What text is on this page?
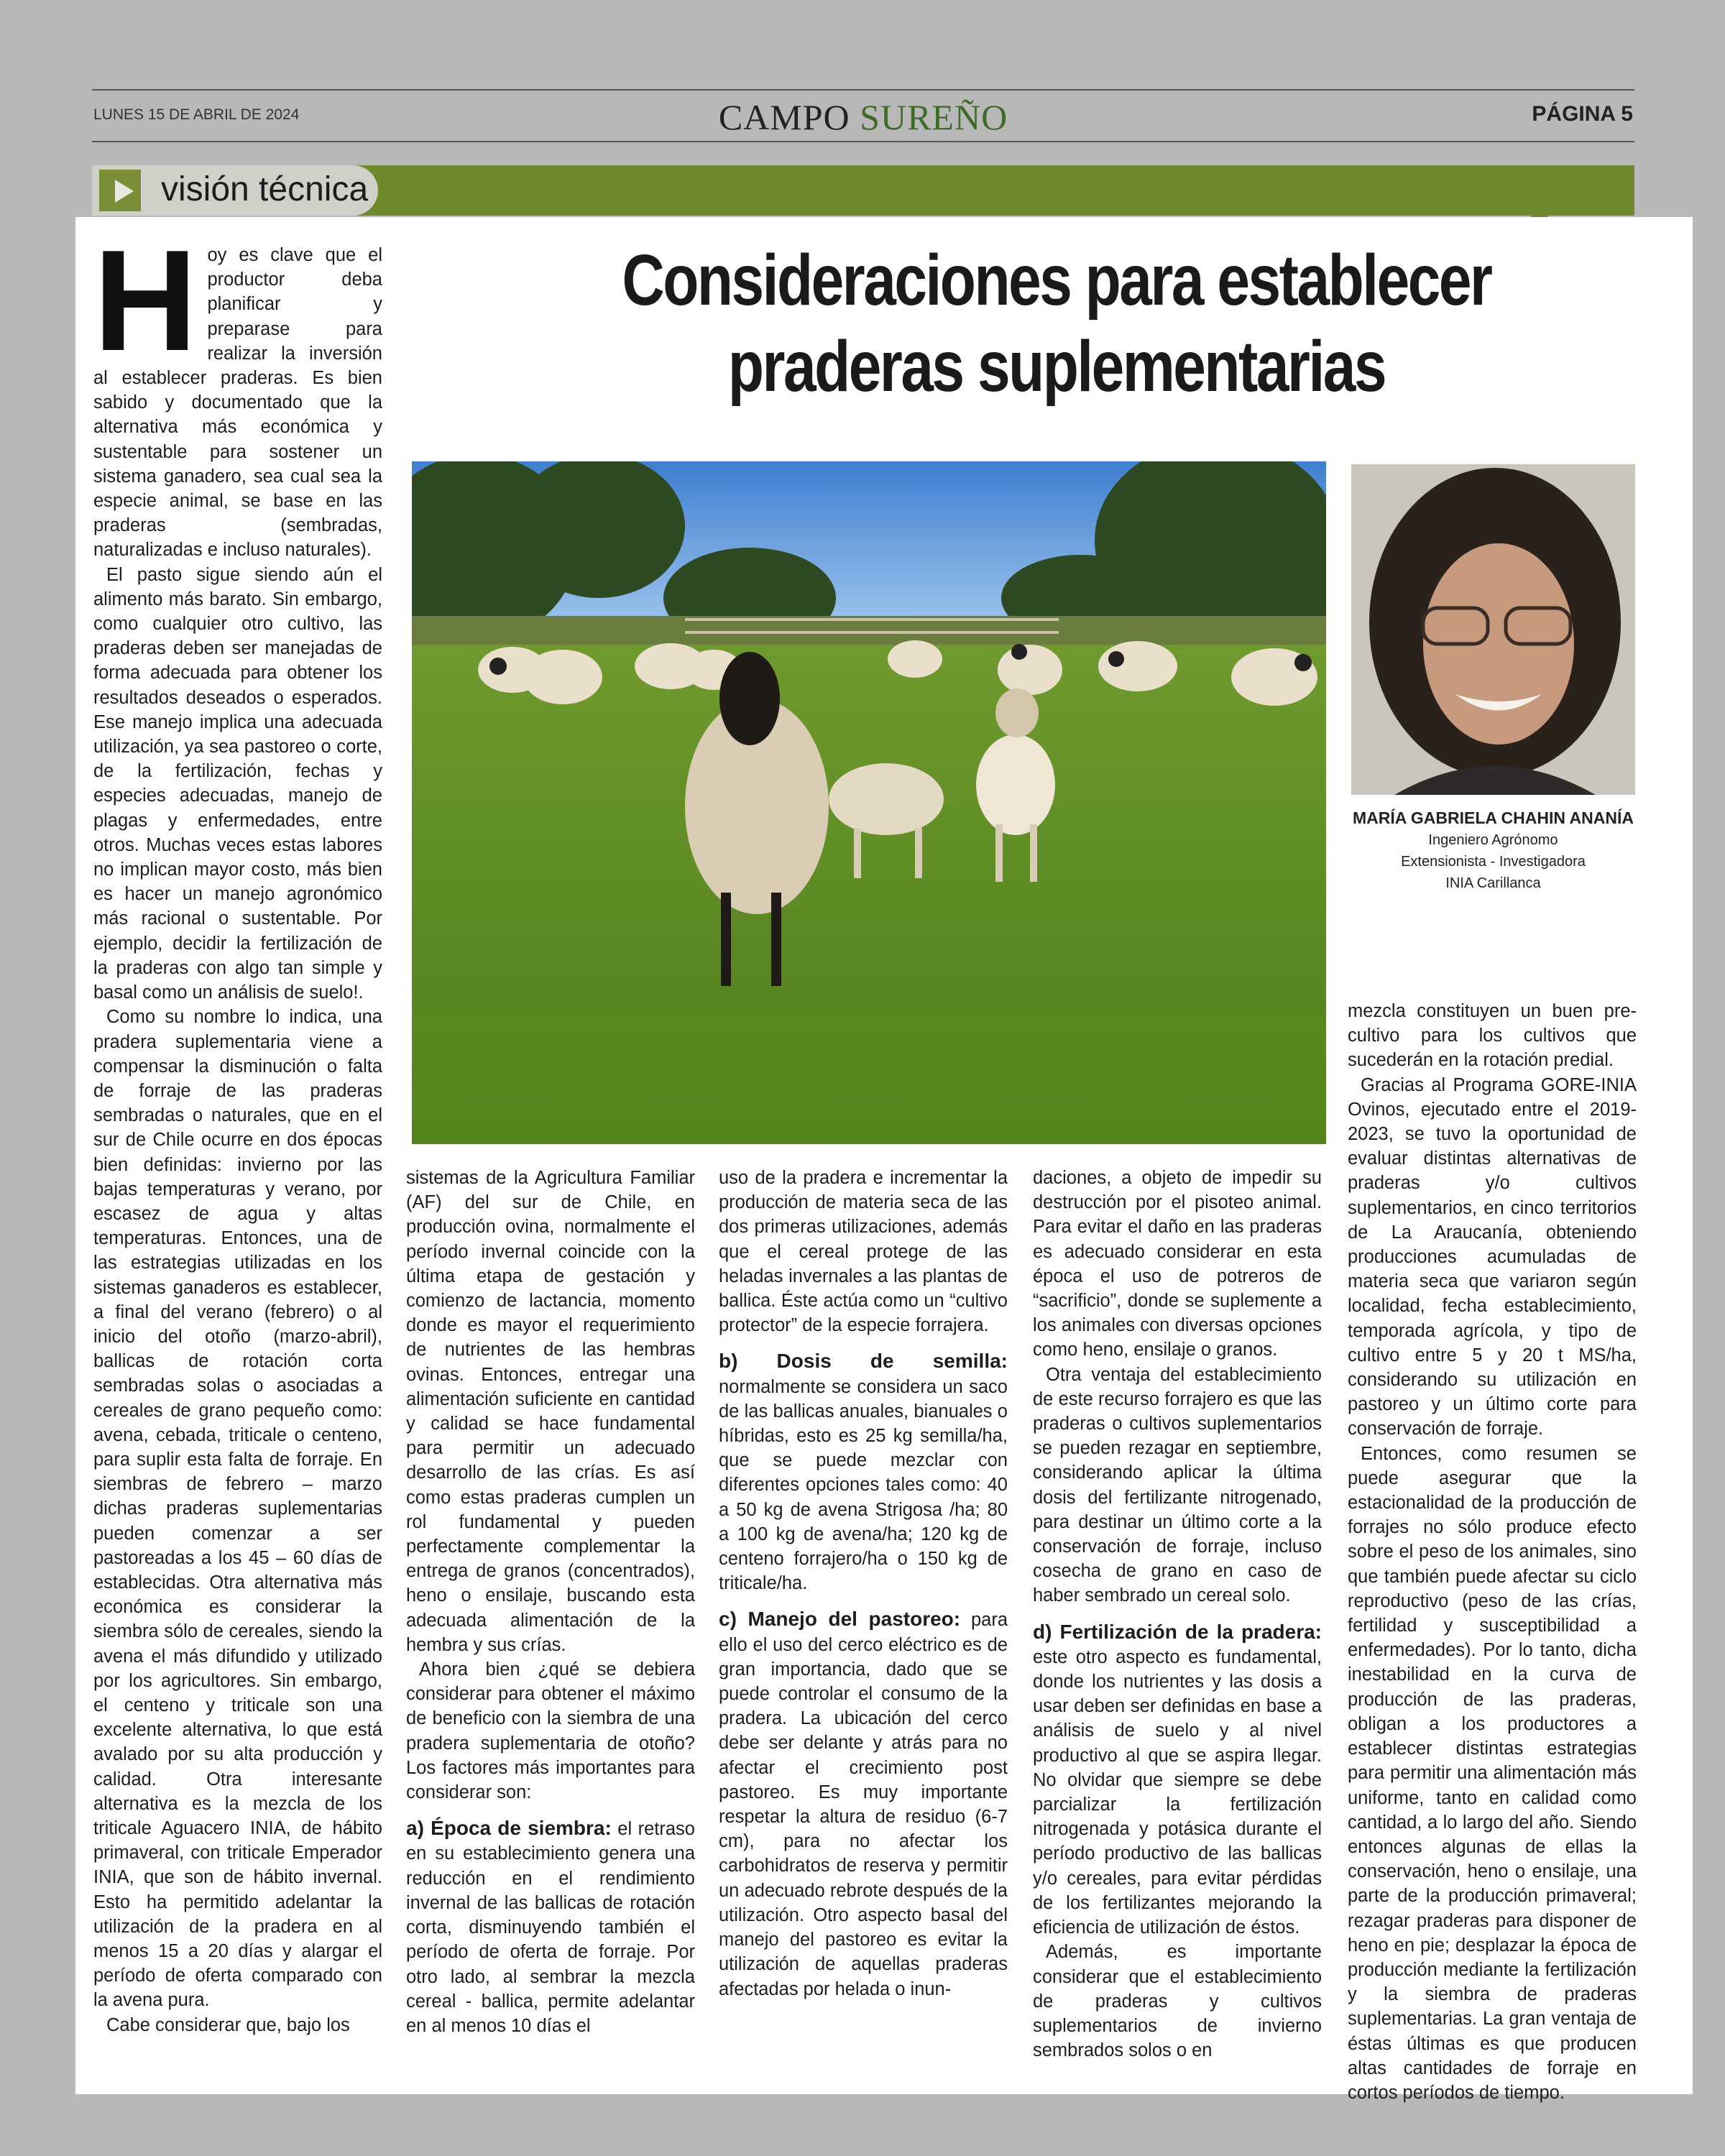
LUNES 15 DE ABRIL DE 2024	CAMPO SUREÑO	PÁGINA 5
visión técnica
Consideraciones para establecer praderas suplementarias

Hoy es clave que el productor deba planificar y preparase para realizar la inversión al establecer praderas. Es bien sabido y documentado que la alternativa más económica y sustentable para sostener un sistema ganadero, sea cual sea la especie animal, se base en las praderas (sembradas, naturalizadas e incluso naturales).

El pasto sigue siendo aún el alimento más barato. Sin embargo, como cualquier otro cultivo, las praderas deben ser manejadas de forma adecuada para obtener los resultados deseados o esperados. Ese manejo implica una adecuada utilización, ya sea pastoreo o corte, de la fertilización, fechas y especies adecuadas, manejo de plagas y enfermedades, entre otros. Muchas veces estas labores no implican mayor costo, más bien es hacer un manejo agronómico más racional o sustentable. Por ejemplo, decidir la fertilización de la praderas con algo tan simple y basal como un análisis de suelo!.

Como su nombre lo indica, una pradera suplementaria viene a compensar la disminución o falta de forraje de las praderas sembradas o naturales, que en el sur de Chile ocurre en dos épocas bien definidas: invierno por las bajas temperaturas y verano, por escasez de agua y altas temperaturas. Entonces, una de las estrategias utilizadas en los sistemas ganaderos es establecer, a final del verano (febrero) o al inicio del otoño (marzo-abril), ballicas de rotación corta sembradas solas o asociadas a cereales de grano pequeño como: avena, cebada, triticale o centeno, para suplir esta falta de forraje. En siembras de febrero – marzo dichas praderas suplementarias pueden comenzar a ser pastoreadas a los 45 – 60 días de establecidas. Otra alternativa más económica es considerar la siembra sólo de cereales, siendo la avena el más difundido y utilizado por los agricultores. Sin embargo, el centeno y triticale son una excelente alternativa, lo que está avalado por su alta producción y calidad. Otra interesante alternativa es la mezcla de los triticale Aguacero INIA, de hábito primaveral, con triticale Emperador INIA, que son de hábito invernal. Esto ha permitido adelantar la utilización de la pradera en al menos 15 a 20 días y alargar el período de oferta comparado con la avena pura.

Cabe considerar que, bajo los

MARÍA GABRIELA CHAHIN ANANÍA
Ingeniero Agrónomo
Extensionista - Investigadora
INIA Carillanca

sistemas de la Agricultura Familiar (AF) del sur de Chile, en producción ovina, normalmente el período invernal coincide con la última etapa de gestación y comienzo de lactancia, momento donde es mayor el requerimiento de nutrientes de las hembras ovinas. Entonces, entregar una alimentación suficiente en cantidad y calidad se hace fundamental para permitir un adecuado desarrollo de las crías. Es así como estas praderas cumplen un rol fundamental y pueden perfectamente complementar la entrega de granos (concentrados), heno o ensilaje, buscando esta adecuada alimentación de la hembra y sus crías.

Ahora bien ¿qué se debiera considerar para obtener el máximo de beneficio con la siembra de una pradera suplementaria de otoño? Los factores más importantes para considerar son:

a) Época de siembra: el retraso en su establecimiento genera una reducción en el rendimiento invernal de las ballicas de rotación corta, disminuyendo también el período de oferta de forraje. Por otro lado, al sembrar la mezcla cereal - ballica, permite adelantar en al menos 10 días el

uso de la pradera e incrementar la producción de materia seca de las dos primeras utilizaciones, además que el cereal protege de las heladas invernales a las plantas de ballica. Éste actúa como un “cultivo protector” de la especie forrajera.

b) Dosis de semilla: normalmente se considera un saco de las ballicas anuales, bianuales o híbridas, esto es 25 kg semilla/ha, que se puede mezclar con diferentes opciones tales como: 40 a 50 kg de avena Strigosa /ha; 80 a 100 kg de avena/ha; 120 kg de centeno forrajero/ha o 150 kg de triticale/ha.

c) Manejo del pastoreo: para ello el uso del cerco eléctrico es de gran importancia, dado que se puede controlar el consumo de la pradera. La ubicación del cerco debe ser delante y atrás para no afectar el crecimiento post pastoreo. Es muy importante respetar la altura de residuo (6-7 cm), para no afectar los carbohidratos de reserva y permitir un adecuado rebrote después de la utilización. Otro aspecto basal del manejo del pastoreo es evitar la utilización de aquellas praderas afectadas por helada o inun-

daciones, a objeto de impedir su destrucción por el pisoteo animal. Para evitar el daño en las praderas es adecuado considerar en esta época el uso de potreros de “sacrificio”, donde se suplemente a los animales con diversas opciones como heno, ensilaje o granos.

Otra ventaja del establecimiento de este recurso forrajero es que las praderas o cultivos suplementarios se pueden rezagar en septiembre, considerando aplicar la última dosis del fertilizante nitrogenado, para destinar un último corte a la conservación de forraje, incluso cosecha de grano en caso de haber sembrado un cereal solo.

d) Fertilización de la pradera: este otro aspecto es fundamental, donde los nutrientes y las dosis a usar deben ser definidas en base a análisis de suelo y al nivel productivo al que se aspira llegar. No olvidar que siempre se debe parcializar la fertilización nitrogenada y potásica durante el período productivo de las ballicas y/o cereales, para evitar pérdidas de los fertilizantes mejorando la eficiencia de utilización de éstos.

Además, es importante considerar que el establecimiento de praderas y cultivos suplementarios de invierno sembrados solos o en

mezcla constituyen un buen pre-cultivo para los cultivos que sucederán en la rotación predial.

Gracias al Programa GORE-INIA Ovinos, ejecutado entre el 2019-2023, se tuvo la oportunidad de evaluar distintas alternativas de praderas y/o cultivos suplementarios, en cinco territorios de La Araucanía, obteniendo producciones acumuladas de materia seca que variaron según localidad, fecha establecimiento, temporada agrícola, y tipo de cultivo entre 5 y 20 t MS/ha, considerando su utilización en pastoreo y un último corte para conservación de forraje.

Entonces, como resumen se puede asegurar que la estacionalidad de la producción de forrajes no sólo produce efecto sobre el peso de los animales, sino que también puede afectar su ciclo reproductivo (peso de las crías, fertilidad y susceptibilidad a enfermedades). Por lo tanto, dicha inestabilidad en la curva de producción de las praderas, obligan a los productores a establecer distintas estrategias para permitir una alimentación más uniforme, tanto en calidad como cantidad, a lo largo del año. Siendo entonces algunas de ellas la conservación, heno o ensilaje, una parte de la producción primaveral; rezagar praderas para disponer de heno en pie; desplazar la época de producción mediante la fertilización y la siembra de praderas suplementarias. La gran ventaja de éstas últimas es que producen altas cantidades de forraje en cortos períodos de tiempo.
